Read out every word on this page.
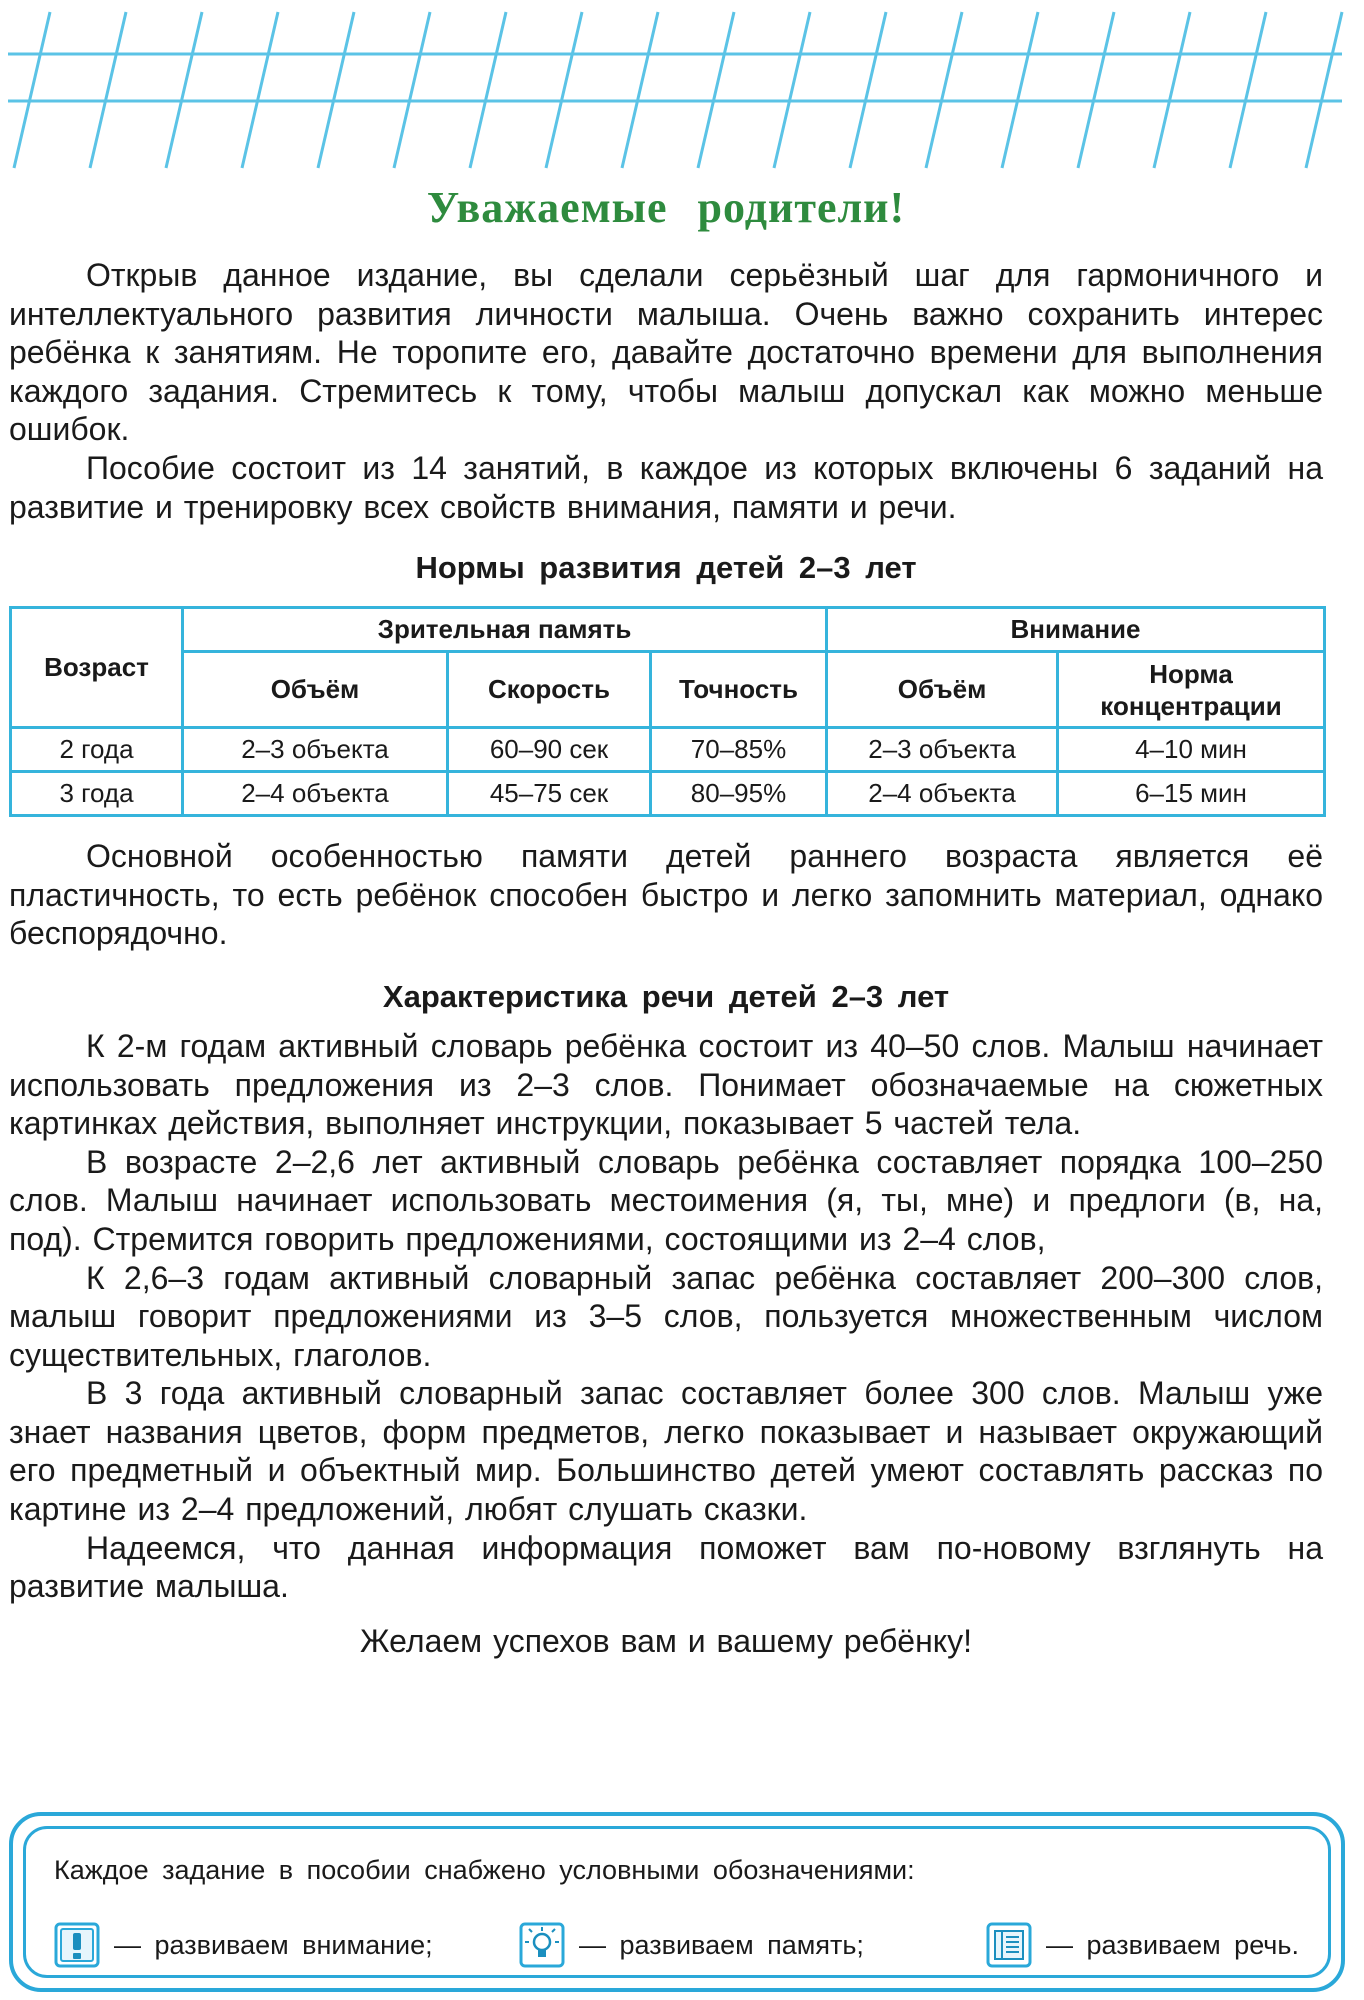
Уважаемые родители!

Открыв данное издание, вы сделали серьёзный шаг для гармоничного и интеллектуального развития личности малыша. Очень важно сохранить интерес ребёнка к занятиям. Не торопите его, давайте достаточно времени для выполнения каждого задания. Стремитесь к тому, чтобы малыш допускал как можно меньше ошибок.

Пособие состоит из 14 занятий, в каждое из которых включены 6 заданий на развитие и тренировку всех свойств внимания, памяти и речи.

Нормы развития детей 2–3 лет
Возраст	Зрительная память			Внимание	
	Объём	Скорость	Точность	Объём	Норма концентрации
2 года	2–3 объекта	60–90 сек	70–85%	2–3 объекта	4–10 мин
3 года	2–4 объекта	45–75 сек	80–95%	2–4 объекта	6–15 мин

Основной особенностью памяти детей раннего возраста является её пластичность, то есть ребёнок способен быстро и легко запомнить материал, однако беспорядочно.

Характеристика речи детей 2–3 лет

К 2-м годам активный словарь ребёнка состоит из 40–50 слов. Малыш начинает использовать предложения из 2–3 слов. Понимает обозначаемые на сюжетных картинках действия, выполняет инструкции, показывает 5 частей тела.

В возрасте 2–2,6 лет активный словарь ребёнка составляет порядка 100–250 слов. Малыш начинает использовать местоимения (я, ты, мне) и предлоги (в, на, под). Стремится говорить предложениями, состоящими из 2–4 слов,

К 2,6–3 годам активный словарный запас ребёнка составляет 200–300 слов, малыш говорит предложениями из 3–5 слов, пользуется множественным числом существительных, глаголов.

В 3 года активный словарный запас составляет более 300 слов. Малыш уже знает названия цветов, форм предметов, легко показывает и называет окружающий его предметный и объектный мир. Большинство детей умеют составлять рассказ по картине из 2–4 предложений, любят слушать сказки.

Надеемся, что данная информация поможет вам по-новому взглянуть на развитие малыша.

Желаем успехов вам и вашему ребёнку!

Каждое задание в пособии снабжено условными обозначениями:
— развиваем внимание;	— развиваем память;	— развиваем речь.
